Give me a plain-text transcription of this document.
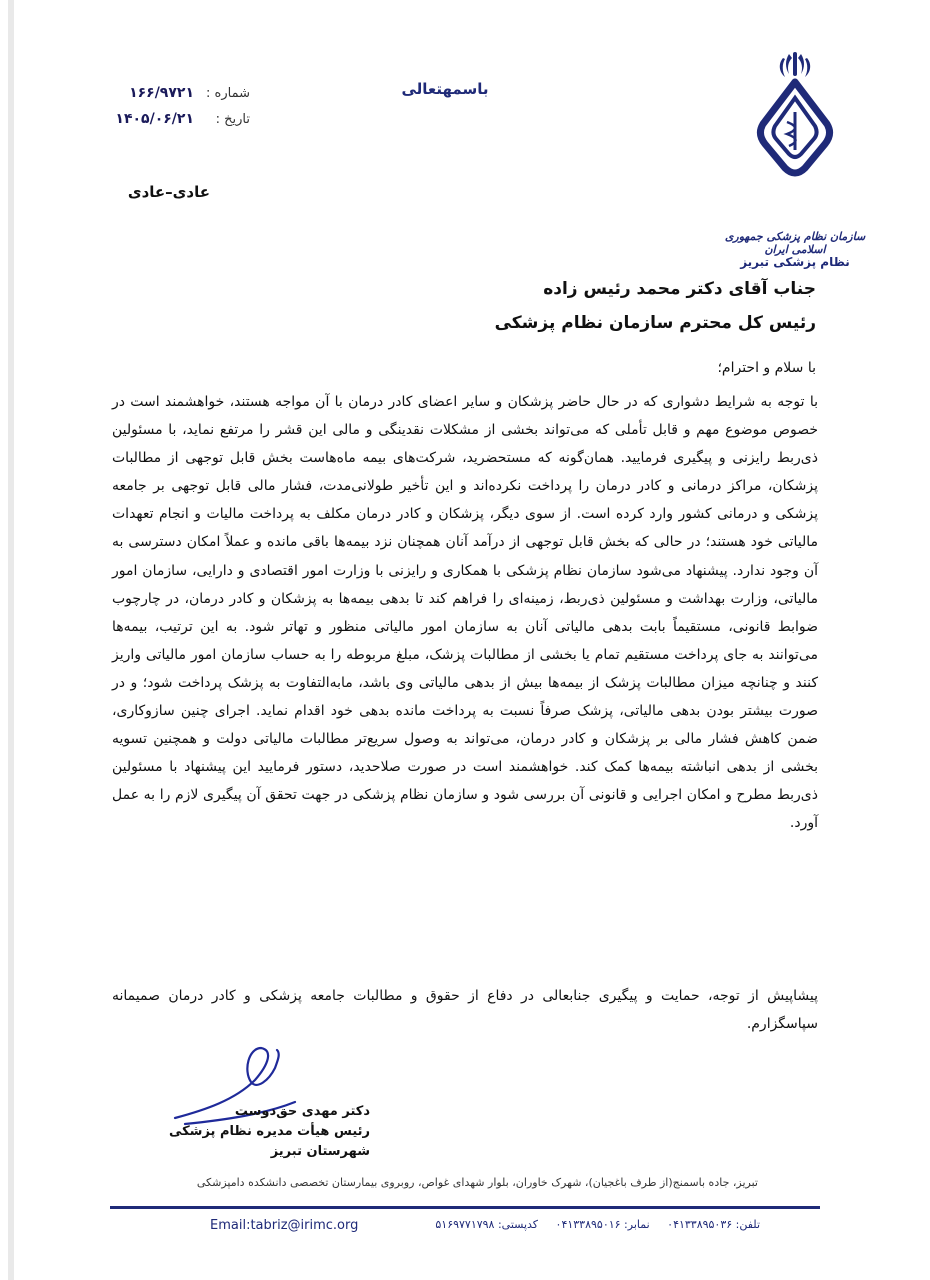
باسمهتعالی
شماره :
۱۶۶/۹۷۲۱
تاریخ :
۱۴۰۵/۰۶/۲۱
عادی–عادی
سازمان نظام پزشکی جمهوری اسلامی ایران
نظام پزشکی تبریز
جناب آقای دکتر محمد رئیس زاده
رئیس کل محترم سازمان نظام پزشکی
با سلام و احترام؛
با توجه به شرایط دشواری که در حال حاضر پزشکان و سایر اعضای کادر درمان با آن مواجه هستند، خواهشمند است در خصوص موضوع مهم و قابل تأملی که می‌تواند بخشی از مشکلات نقدینگی و مالی این قشر را مرتفع نماید، با مسئولین ذی‌ربط رایزنی و پیگیری فرمایید. همان‌گونه که مستحضرید، شرکت‌های بیمه ماه‌هاست بخش قابل توجهی از مطالبات پزشکان، مراکز درمانی و کادر درمان را پرداخت نکرده‌اند و این تأخیر طولانی‌مدت، فشار مالی قابل توجهی بر جامعه پزشکی و درمانی کشور وارد کرده است. از سوی دیگر، پزشکان و کادر درمان مکلف به پرداخت مالیات و انجام تعهدات مالیاتی خود هستند؛ در حالی که بخش قابل توجهی از درآمد آنان همچنان نزد بیمه‌ها باقی مانده و عملاً امکان دسترسی به آن وجود ندارد. پیشنهاد می‌شود سازمان نظام پزشکی با همکاری و رایزنی با وزارت امور اقتصادی و دارایی، سازمان امور مالیاتی، وزارت بهداشت و مسئولین ذی‌ربط، زمینه‌ای را فراهم کند تا بدهی بیمه‌ها به پزشکان و کادر درمان، در چارچوب ضوابط قانونی، مستقیماً بابت بدهی مالیاتی آنان به سازمان امور مالیاتی منظور و تهاتر شود. به این ترتیب، بیمه‌ها می‌توانند به جای پرداخت مستقیم تمام یا بخشی از مطالبات پزشک، مبلغ مربوطه را به حساب سازمان امور مالیاتی واریز کنند و چنانچه میزان مطالبات پزشک از بیمه‌ها بیش از بدهی مالیاتی وی باشد، مابه‌التفاوت به پزشک پرداخت شود؛ و در صورت بیشتر بودن بدهی مالیاتی، پزشک صرفاً نسبت به پرداخت مانده بدهی خود اقدام نماید. اجرای چنین سازوکاری، ضمن کاهش فشار مالی بر پزشکان و کادر درمان، می‌تواند به وصول سریع‌تر مطالبات مالیاتی دولت و همچنین تسویه بخشی از بدهی انباشته بیمه‌ها کمک کند. خواهشمند است در صورت صلاحدید، دستور فرمایید این پیشنهاد با مسئولین ذی‌ربط مطرح و امکان اجرایی و قانونی آن بررسی شود و سازمان نظام پزشکی در جهت تحقق آن پیگیری لازم را به عمل آورد.
پیشاپیش از توجه، حمایت و پیگیری جنابعالی در دفاع از حقوق و مطالبات جامعه پزشکی و کادر درمان صمیمانه سپاسگزارم.
دکتر مهدی حق‌دوست
رئیس هیأت مدیره نظام پزشکی
شهرستان تبریز
تبریز، جاده باسمنج(از طرف باغجیان)، شهرک خاوران، بلوار شهدای غواص، روبروی بیمارستان تخصصی دانشکده دامپزشکی
تلفن: ۰۴۱۳۳۸۹۵۰۳۶ نمابر: ۰۴۱۳۳۸۹۵۰۱۶ کدپستی: ۵۱۶۹۷۷۱۷۹۸
Email:tabriz@irimc.org
